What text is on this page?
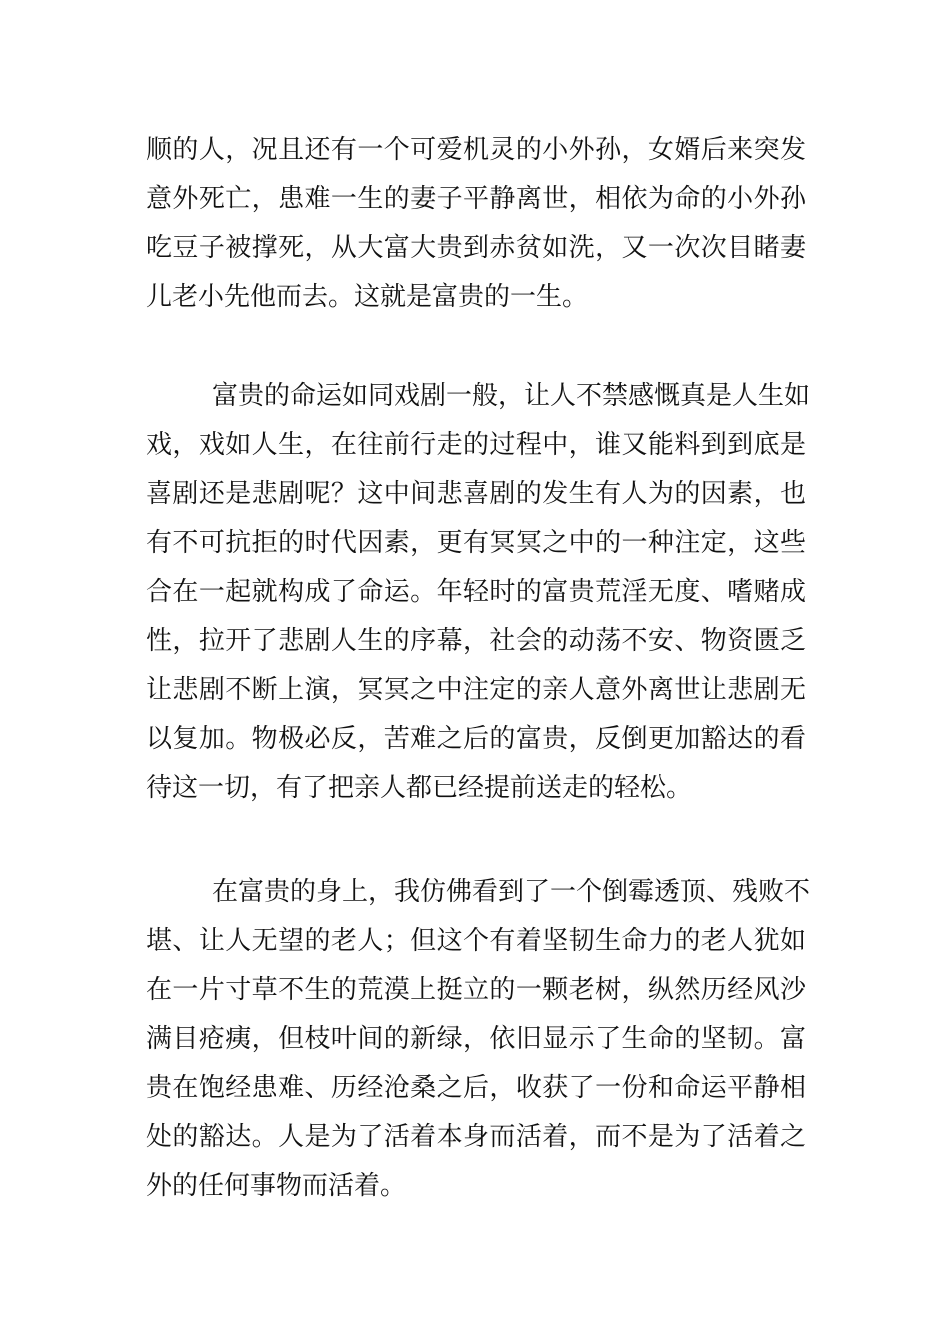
顺的人，况且还有一个可爱机灵的小外孙，女婿后来突发
意外死亡，患难一生的妻子平静离世，相依为命的小外孙
吃豆子被撑死，从大富大贵到赤贫如洗，又一次次目睹妻
儿老小先他而去。这就是富贵的一生。
富贵的命运如同戏剧一般，让人不禁感慨真是人生如
戏，戏如人生，在往前行走的过程中，谁又能料到到底是
喜剧还是悲剧呢？这中间悲喜剧的发生有人为的因素，也
有不可抗拒的时代因素，更有冥冥之中的一种注定，这些
合在一起就构成了命运。年轻时的富贵荒淫无度、嗜赌成
性，拉开了悲剧人生的序幕，社会的动荡不安、物资匮乏
让悲剧不断上演，冥冥之中注定的亲人意外离世让悲剧无
以复加。物极必反，苦难之后的富贵，反倒更加豁达的看
待这一切，有了把亲人都已经提前送走的轻松。
在富贵的身上，我仿佛看到了一个倒霉透顶、残败不
堪、让人无望的老人；但这个有着坚韧生命力的老人犹如
在一片寸草不生的荒漠上挺立的一颗老树，纵然历经风沙
满目疮痍，但枝叶间的新绿，依旧显示了生命的坚韧。富
贵在饱经患难、历经沧桑之后，收获了一份和命运平静相
处的豁达。人是为了活着本身而活着，而不是为了活着之
外的任何事物而活着。
